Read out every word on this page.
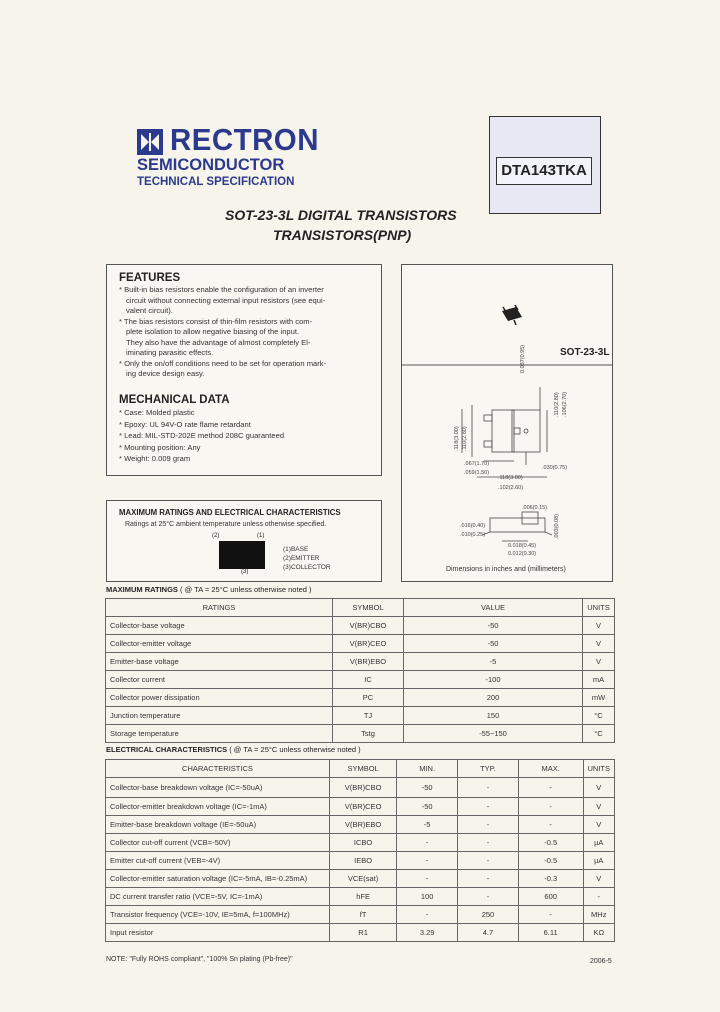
RECTRON
SEMICONDUCTOR
TECHNICAL SPECIFICATION
DTA143TKA
SOT-23-3L DIGITAL TRANSISTORS
TRANSISTORS(PNP)
FEATURES
* Built-in bias resistors enable the configuration of an inverter
circuit without connecting external input resistors (see equi-
valent circuit).
* The bias resistors consist of thin-film resistors with com-
plete isolation to allow negative biasing of the input.
They also have the advantage of almost completely El-
iminating parasitic effects.
* Only the on/off conditions need to be set for operation mark-
ing device design easy.
MECHANICAL DATA
* Case: Molded plastic
* Epoxy: UL 94V-O rate flame retardant
* Lead: MIL-STD-202E method 208C guaranteed
* Mounting position: Any
* Weight: 0.009 gram
SOT-23-3L
0.037(0.95)
.110(2.80) .106(2.70)
.118(3.00) .110(2.80)
.067(1.70)
.059(1.50)
.030(0.75)
.118(3.00)
.102(2.60)
.016(0.40)
.010(0.25)
0.018(0.45)
0.012(0.30)
.006(0.15)
.003(0.08)
Dimensions in inches and (millimeters)
MAXIMUM RATINGS AND ELECTRICAL CHARACTERISTICS
Ratings at 25°C ambient temperature unless otherwise specified.
(2)	(1)
(3)
(1)BASE
(2)EMITTER
(3)COLLECTOR
MAXIMUM RATINGS ( @ TA = 25°C unless otherwise noted )
RATINGS	SYMBOL	VALUE	UNITS
Collector-base voltage	V(BR)CBO	-50	V
Collector-emitter voltage	V(BR)CEO	-50	V
Emitter-base voltage	V(BR)EBO	-5	V
Collector current	IC	-100	mA
Collector power dissipation	PC	200	mW
Junction temperature	TJ	150	°C
Storage temperature	Tstg	-55~150	°C
ELECTRICAL CHARACTERISTICS ( @ TA = 25°C unless otherwise noted )
CHARACTERISTICS	SYMBOL	MIN.	TYP.	MAX.	UNITS
Collector-base breakdown voltage (IC=-50uA)	V(BR)CBO	-50	-	-	V
Collector-emitter breakdown voltage (IC=-1mA)	V(BR)CEO	-50	-	-	V
Emitter-base breakdown voltage (IE=-50uA)	V(BR)EBO	-5	-	-	V
Collector cut-off current (VCB=-50V)	ICBO	-	-	-0.5	µA
Emitter cut-off current (VEB=-4V)	IEBO	-	-	-0.5	µA
Collector-emitter saturation voltage (IC=-5mA, IB=-0.25mA)	VCE(sat)	-	-	-0.3	V
DC current transfer ratio (VCE=-5V, IC=-1mA)	hFE	100	-	600	-
Transistor frequency (VCE=-10V, IE=5mA, f=100MHz)	fT	-	250	-	MHz
Input resistor	R1	3.29	4.7	6.11	KΩ
NOTE: "Fully ROHS compliant", "100% Sn plating (Pb-free)"	2006-5
